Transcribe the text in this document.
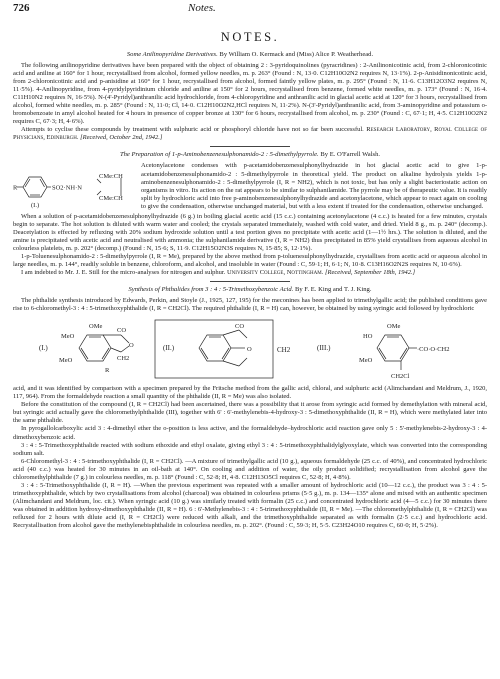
726	Notes.
NOTES.
Some Anilinopyridine Derivatives. By William O. Kermack and (Miss) Alice P. Weatherhead.

The following anilinopyridine derivatives have been prepared with the object of obtaining 2 : 3-pyridoquinolines (pyracridines) : 2-Anilinonicotinic acid, from 2-chloronicotinic acid and aniline at 160° for 1 hour, recrystallised from alcohol, formed yellow needles, m. p. 263° (Found : N, 13·0. C12H10O2N2 requires N, 13·1%). 2-p-Anisidinonicotinic acid, from 2-chloronicotinic acid and p-anisidine at 160° for 1 hour, recrystallised from alcohol, formed faintly yellow plates, m. p. 295° (Found : N, 11·6. C13H12O3N2 requires N, 11·5%). 4-Anilinopyridine, from 4-pyridylpyridinium chloride and aniline at 150° for 2 hours, recrystallised from benzene, formed white needles, m. p. 173° (Found : N, 16·4. C11H10N2 requires N, 16·5%). N-(4'-Pyridyl)anthranilic acid hydrochloride, from 4-chloropyridine and anthranilic acid in glacial acetic acid at 120° for 3 hours, recrystallised from alcohol, formed white needles, m. p. 285° (Found : N, 11·0; Cl, 14·0. C12H10O2N2,HCl requires N, 11·2%). N-(3'-Pyridyl)anthranilic acid, from 3-aminopyridine and potassium o-bromobenzoate in amyl alcohol heated for 4 hours in presence of copper bronze at 130° for 6 hours, recrystallised from alcohol, m. p. 230° (Found : C, 67·1; H, 4·5. C12H10O2N2 requires C, 67·3; H, 4·6%).

Attempts to cyclise these compounds by treatment with sulphuric acid or phosphoryl chloride have not so far been successful. Research Laboratory, Royal College of Physicians, Edinburgh. [Received, October 2nd, 1942.]

The Preparation of 1-p-Aminobenzenesulphonamido-2 : 5-dimethylpyrrole. By E. O'Farrell Walsh.
R	SO2·NH·N
CMe:CH
CMe:CH
(I.)
Acetonylacetone condenses with p-acetamidobenzenesulphonylhydrazide in hot glacial acetic acid to give 1-p-acetamidobenzenesulphonamido-2 : 5-dimethylpyrrole in theoretical yield. The product on alkaline hydrolysis yields 1-p-aminobenzenesulphonamido-2 : 5-dimethylpyrrole (I, R = NH2), which is not toxic, but has only a slight bacteriostatic action on organisms in vitro. Its action on the rat appears to be similar to sulphanilamide. The pyrrole may be of therapeutic value. It is readily split by hydrochloric acid into free p-aminobenzenesulphonylhydrazide and acetonylacetone, which appear to react again on cooling to give the condensation, otherwise unchanged material, but with a less extent if treated for the condensation, otherwise unchanged.

When a solution of p-acetamidobenzenesulphonylhydrazide (6 g.) in boiling glacial acetic acid (15 c.c.) containing acetonylacetone (4 c.c.) is heated for a few minutes, crystals begin to separate. The hot solution is diluted with warm water and cooled; the crystals separated immediately, washed with cold water, and dried. Yield 8 g., m. p. 240° (decomp.). Deacetylation is effected by refluxing with 20% sodium hydroxide solution until a test portion gives no precipitate with acetic acid (1—1½ hrs.). The solution is diluted, and the amine is precipitated with acetic acid and neutralised with ammonia; the sulphanilamide derivative (I, R = NH2) thus precipitated in 85% yield crystallises from aqueous alcohol in colourless platelets, m. p. 202° (decomp.) (Found : N, 15·6; S, 11·9. C12H15O2N3S requires N, 15·85; S, 12·1%).

1-p-Toluenesulphonamido-2 : 5-dimethylpyrrole (I, R = Me), prepared by the above method from p-toluenesulphonylhydrazide, crystallises from acetic acid or aqueous alcohol in large needles, m. p. 144°, readily soluble in benzene, chloroform, and alcohol, and insoluble in water (Found : C, 59·1; H, 6·1; N, 10·8. C13H16O2N2S requires N, 10·6%).

I am indebted to Mr. J. E. Still for the micro-analyses for nitrogen and sulphur. University College, Nottingham. [Received, September 18th, 1942.]

Synthesis of Phthalides from 3 : 4 : 5-Trimethoxybenzoic Acid. By F. E. King and T. J. King.

The phthalide synthesis introduced by Edwards, Perkin, and Stoyle (J., 1925, 127, 195) for the meconines has been applied to trimethylgallic acid; the published conditions gave rise to 6-chloromethyl-3 : 4 : 5-trimethoxyphthalide (I, R = CH2Cl). The required phthalide (I, R = H) can, however, be obtained by using syringic acid followed by hydrochloric

(I.)
MeO
MeO
OMe
CO
R
CH2
O	(II.)
CO
CH2
O	(III.)
HO
MeO
OMe
·CO·O·CH2
CH2Cl

acid, and it was identified by comparison with a specimen prepared by the Fritsche method from the gallic acid, chloral, and sulphuric acid (Alimchandani and Meldrum, J., 1920, 117, 964). From the formaldehyde reaction a small quantity of the phthalide (II, R = Me) was also isolated.

Before the constitution of the compound (I, R = CH2Cl) had been ascertained, there was a possibility that it arose from syringic acid formed by demethylation with mineral acid, but syringic acid actually gave the chloromethylphthalide (III), together with 6' : 6'-methylenebis-4-hydroxy-3 : 5-dimethoxyphthalide (II, R = H), which were methylated later into the same phthalide.

In pyrogallolcarboxylic acid 3 : 4-dimethyl ether the o-position is less active, and the formaldehyde–hydrochloric acid reaction gave only 5 : 5'-methylenebis-2-hydroxy-3 : 4-dimethoxybenzoic acid.

3 : 4 : 5-Trimethoxyphthalide reacted with sodium ethoxide and ethyl oxalate, giving ethyl 3 : 4 : 5-trimethoxyphthalidylglyoxylate, which was converted into the corresponding sodium salt.

6-Chloromethyl-3 : 4 : 5-trimethoxyphthalide (I, R = CH2Cl). —A mixture of trimethylgallic acid (10 g.), aqueous formaldehyde (25 c.c. of 40%), and concentrated hydrochloric acid (40 c.c.) was heated for 30 minutes in an oil-bath at 140°. On cooling and addition of water, the oily product solidified; recrystallisation from alcohol gave the chloromethylphthalide (7 g.) in colourless needles, m. p. 118° (Found : C, 52·8; H, 4·8. C12H13O5Cl requires C, 52·8; H, 4·8%).

3 : 4 : 5-Trimethoxyphthalide (I, R = H). —When the previous experiment was repeated with a smaller amount of hydrochloric acid (10—12 c.c.), the product was 3 : 4 : 5-trimethoxyphthalide, which by two crystallisations from alcohol (charcoal) was obtained in colourless prisms (5·5 g.), m. p. 134—135° alone and mixed with an authentic specimen (Alimchandani and Meldrum, loc. cit.). When syringic acid (10 g.) was similarly treated with formalin (25 c.c.) and concentrated hydrochloric acid (4—5 c.c.) for 30 minutes there was obtained in addition hydroxy-dimethoxyphthalide (II, R = H). 6 : 6'-Methylenebis-3 : 4 : 5-trimethoxyphthalide (II, R = Me). —The chloromethylphthalide (I, R = CH2Cl) was refluxed for 2 hours with dilute acid (I, R = CH2Cl) were reduced with alkali, and the trimethoxyphthalide separated as with formalin (2·5 c.c.) and hydrochloric acid. Recrystallisation from alcohol gave the methylenebisphthalide in colourless needles, m. p. 202°. (Found : C, 59·3; H, 5·5. C23H24O10 requires C, 60·0; H, 5·2%).
